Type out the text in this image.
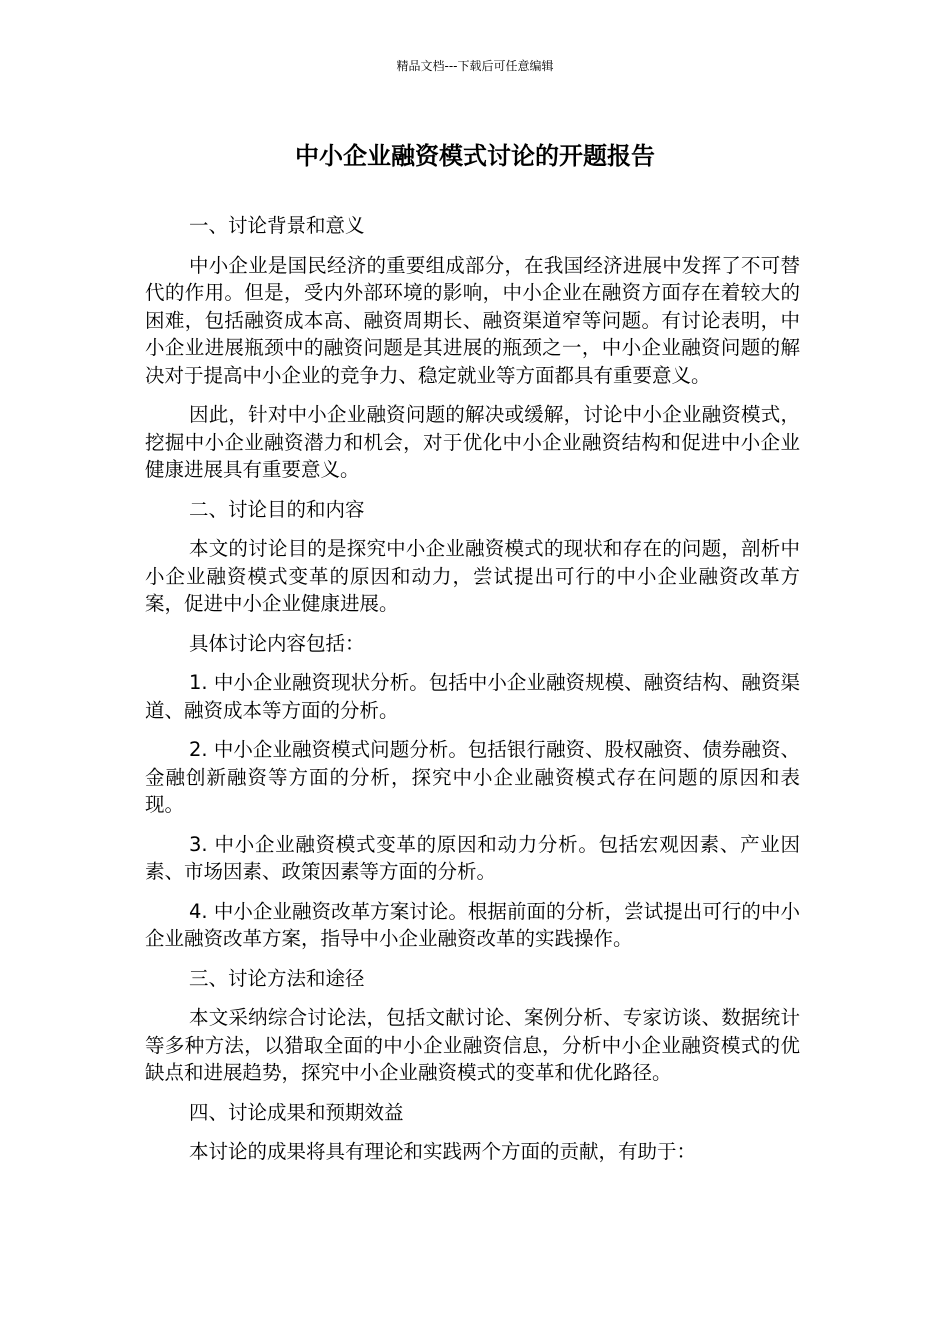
精品文档---下载后可任意编辑
中小企业融资模式讨论的开题报告

一、讨论背景和意义

中小企业是国民经济的重要组成部分，在我国经济进展中发挥了不可替代的作用。但是，受内外部环境的影响，中小企业在融资方面存在着较大的困难，包括融资成本高、融资周期长、融资渠道窄等问题。有讨论表明，中小企业进展瓶颈中的融资问题是其进展的瓶颈之一，中小企业融资问题的解决对于提高中小企业的竞争力、稳定就业等方面都具有重要意义。

因此，针对中小企业融资问题的解决或缓解，讨论中小企业融资模式，挖掘中小企业融资潜力和机会，对于优化中小企业融资结构和促进中小企业健康进展具有重要意义。

二、讨论目的和内容

本文的讨论目的是探究中小企业融资模式的现状和存在的问题，剖析中小企业融资模式变革的原因和动力，尝试提出可行的中小企业融资改革方案，促进中小企业健康进展。

具体讨论内容包括：

1. 中小企业融资现状分析。包括中小企业融资规模、融资结构、融资渠道、融资成本等方面的分析。

2. 中小企业融资模式问题分析。包括银行融资、股权融资、债券融资、金融创新融资等方面的分析，探究中小企业融资模式存在问题的原因和表现。

3. 中小企业融资模式变革的原因和动力分析。包括宏观因素、产业因素、市场因素、政策因素等方面的分析。

4. 中小企业融资改革方案讨论。根据前面的分析，尝试提出可行的中小企业融资改革方案，指导中小企业融资改革的实践操作。

三、讨论方法和途径

本文采纳综合讨论法，包括文献讨论、案例分析、专家访谈、数据统计等多种方法，以猎取全面的中小企业融资信息，分析中小企业融资模式的优缺点和进展趋势，探究中小企业融资模式的变革和优化路径。

四、讨论成果和预期效益

本讨论的成果将具有理论和实践两个方面的贡献，有助于：
